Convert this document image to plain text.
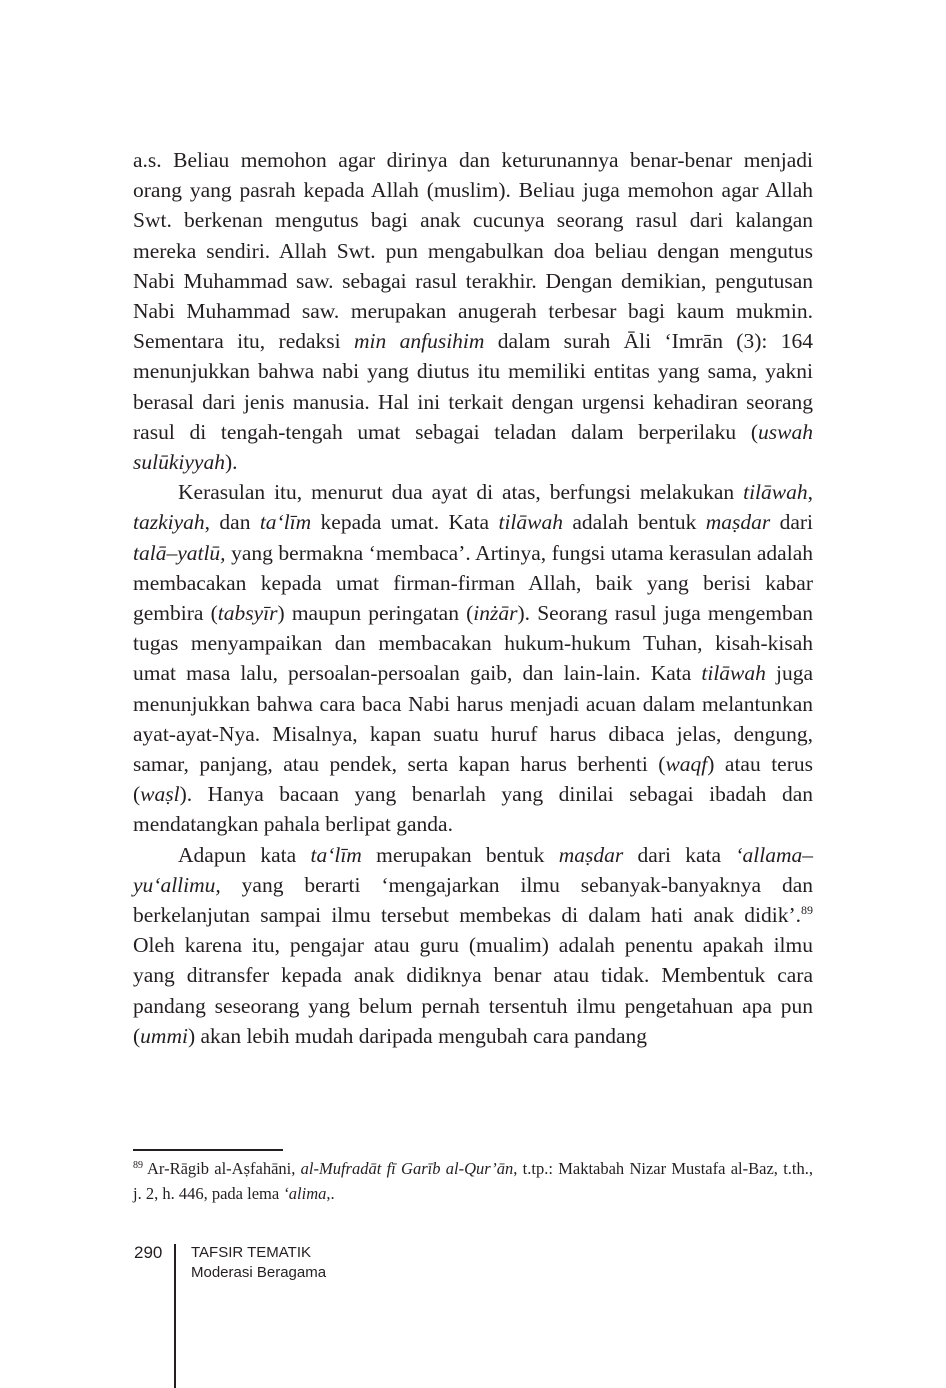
a.s. Beliau memohon agar dirinya dan keturunannya benar-benar menjadi orang yang pasrah kepada Allah (muslim). Beliau juga memohon agar Allah Swt. berkenan mengutus bagi anak cucunya seorang rasul dari kalangan mereka sendiri. Allah Swt. pun mengabulkan doa beliau dengan mengutus Nabi Muhammad saw. sebagai rasul terakhir. Dengan demikian, pengutusan Nabi Muhammad saw. merupakan anugerah terbesar bagi kaum mukmin. Sementara itu, redaksi min anfusihim dalam surah Āli ‘Imrān (3): 164 menunjukkan bahwa nabi yang diutus itu memiliki entitas yang sama, yakni berasal dari jenis manusia. Hal ini terkait dengan urgensi kehadiran seorang rasul di tengah-tengah umat sebagai teladan dalam berperilaku (uswah sulūkiyyah).

Kerasulan itu, menurut dua ayat di atas, berfungsi melakukan tilāwah, tazkiyah, dan ta‘līm kepada umat. Kata tilāwah adalah bentuk maṣdar dari talā–yatlū, yang bermakna ‘membaca’. Artinya, fungsi utama kerasulan adalah membacakan kepada umat firman-firman Allah, baik yang berisi kabar gembira (tabsyīr) maupun peringatan (inżār). Seorang rasul juga mengemban tugas menyampaikan dan membacakan hukum-hukum Tuhan, kisah-kisah umat masa lalu, persoalan-persoalan gaib, dan lain-lain. Kata tilāwah juga menunjukkan bahwa cara baca Nabi harus menjadi acuan dalam melantunkan ayat-ayat-Nya. Misalnya, kapan suatu huruf harus dibaca jelas, dengung, samar, panjang, atau pendek, serta kapan harus berhenti (waqf) atau terus (waṣl). Hanya bacaan yang benarlah yang dinilai sebagai ibadah dan mendatangkan pahala berlipat ganda.

Adapun kata ta‘līm merupakan bentuk maṣdar dari kata ‘allama–yu‘allimu, yang berarti ‘mengajarkan ilmu sebanyak-banyaknya dan berkelanjutan sampai ilmu tersebut membekas di dalam hati anak didik’.$^{89}$ Oleh karena itu, pengajar atau guru (mualim) adalah penentu apakah ilmu yang ditransfer kepada anak didiknya benar atau tidak. Membentuk cara pandang seseorang yang belum pernah tersentuh ilmu pengetahuan apa pun (ummi) akan lebih mudah daripada mengubah cara pandang

$^{89}$ Ar-Rāgib al-Aṣfahāni, al-Mufradāt fī Garīb al-Qur’ān, t.tp.: Maktabah Nizar Mustafa al-Baz, t.th., j. 2, h. 446, pada lema ‘alima,.

290 TAFSIR TEMATIK
Moderasi Beragama
